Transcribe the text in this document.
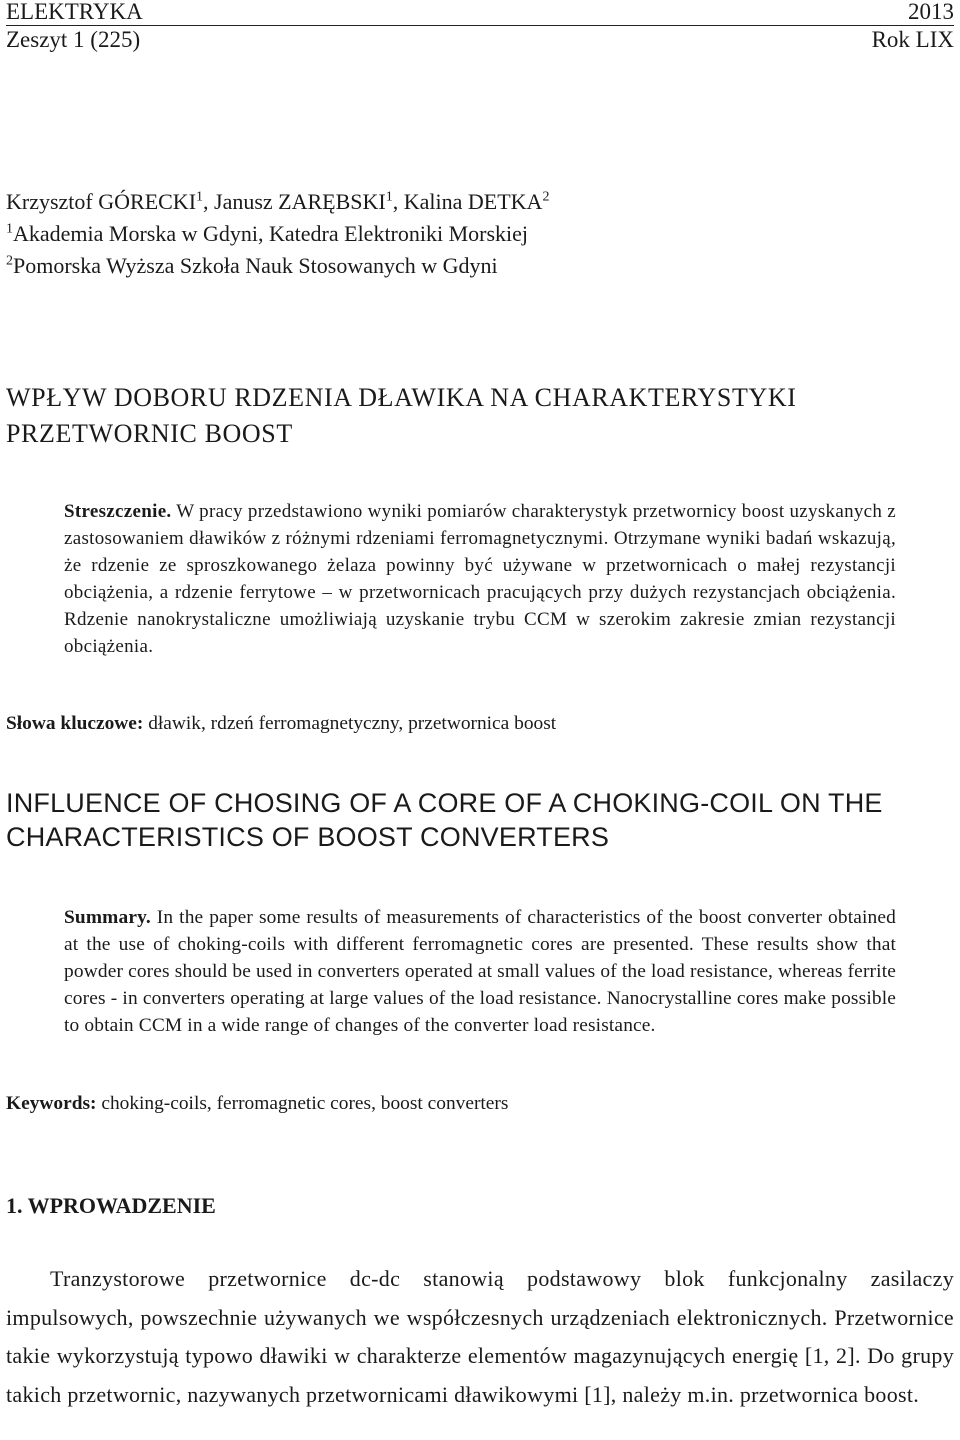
ELEKTRYKA	2013
Zeszyt 1 (225)	Rok LIX
Krzysztof GÓRECKI$^1$, Janusz ZARĘBSKI$^1$, Kalina DETKA$^2$
$^1$Akademia Morska w Gdyni, Katedra Elektroniki Morskiej
$^2$Pomorska Wyższa Szkoła Nauk Stosowanych w Gdyni
WPŁYW DOBORU RDZENIA DŁAWIKA NA CHARAKTERYSTYKI
PRZETWORNIC BOOST
Streszczenie. W pracy przedstawiono wyniki pomiarów charakterystyk przetwornicy boost uzyskanych z zastosowaniem dławików z różnymi rdzeniami ferromagnetycznymi. Otrzymane wyniki badań wskazują, że rdzenie ze sproszkowanego żelaza powinny być używane w przetwornicach o małej rezystancji obciążenia, a rdzenie ferrytowe – w przetwornicach pracujących przy dużych rezystancjach obciążenia. Rdzenie nanokrystaliczne umożliwiają uzyskanie trybu CCM w szerokim zakresie zmian rezystancji obciążenia.
Słowa kluczowe: dławik, rdzeń ferromagnetyczny, przetwornica boost
INFLUENCE OF CHOSING OF A CORE OF A CHOKING-COIL ON THE
CHARACTERISTICS OF BOOST CONVERTERS
Summary. In the paper some results of measurements of characteristics of the boost converter obtained at the use of choking-coils with different ferromagnetic cores are presented. These results show that powder cores should be used in converters operated at small values of the load resistance, whereas ferrite cores - in converters operating at large values of the load resistance. Nanocrystalline cores make possible to obtain CCM in a wide range of changes of the converter load resistance.
Keywords: choking-coils, ferromagnetic cores, boost converters
1. WPROWADZENIE
Tranzystorowe przetwornice dc-dc stanowią podstawowy blok funkcjonalny zasilaczy impulsowych, powszechnie używanych we współczesnych urządzeniach elektronicznych. Przetwornice takie wykorzystują typowo dławiki w charakterze elementów magazynujących energię [1, 2]. Do grupy takich przetwornic, nazywanych przetwornicami dławikowymi [1], należy m.in. przetwornica boost.
